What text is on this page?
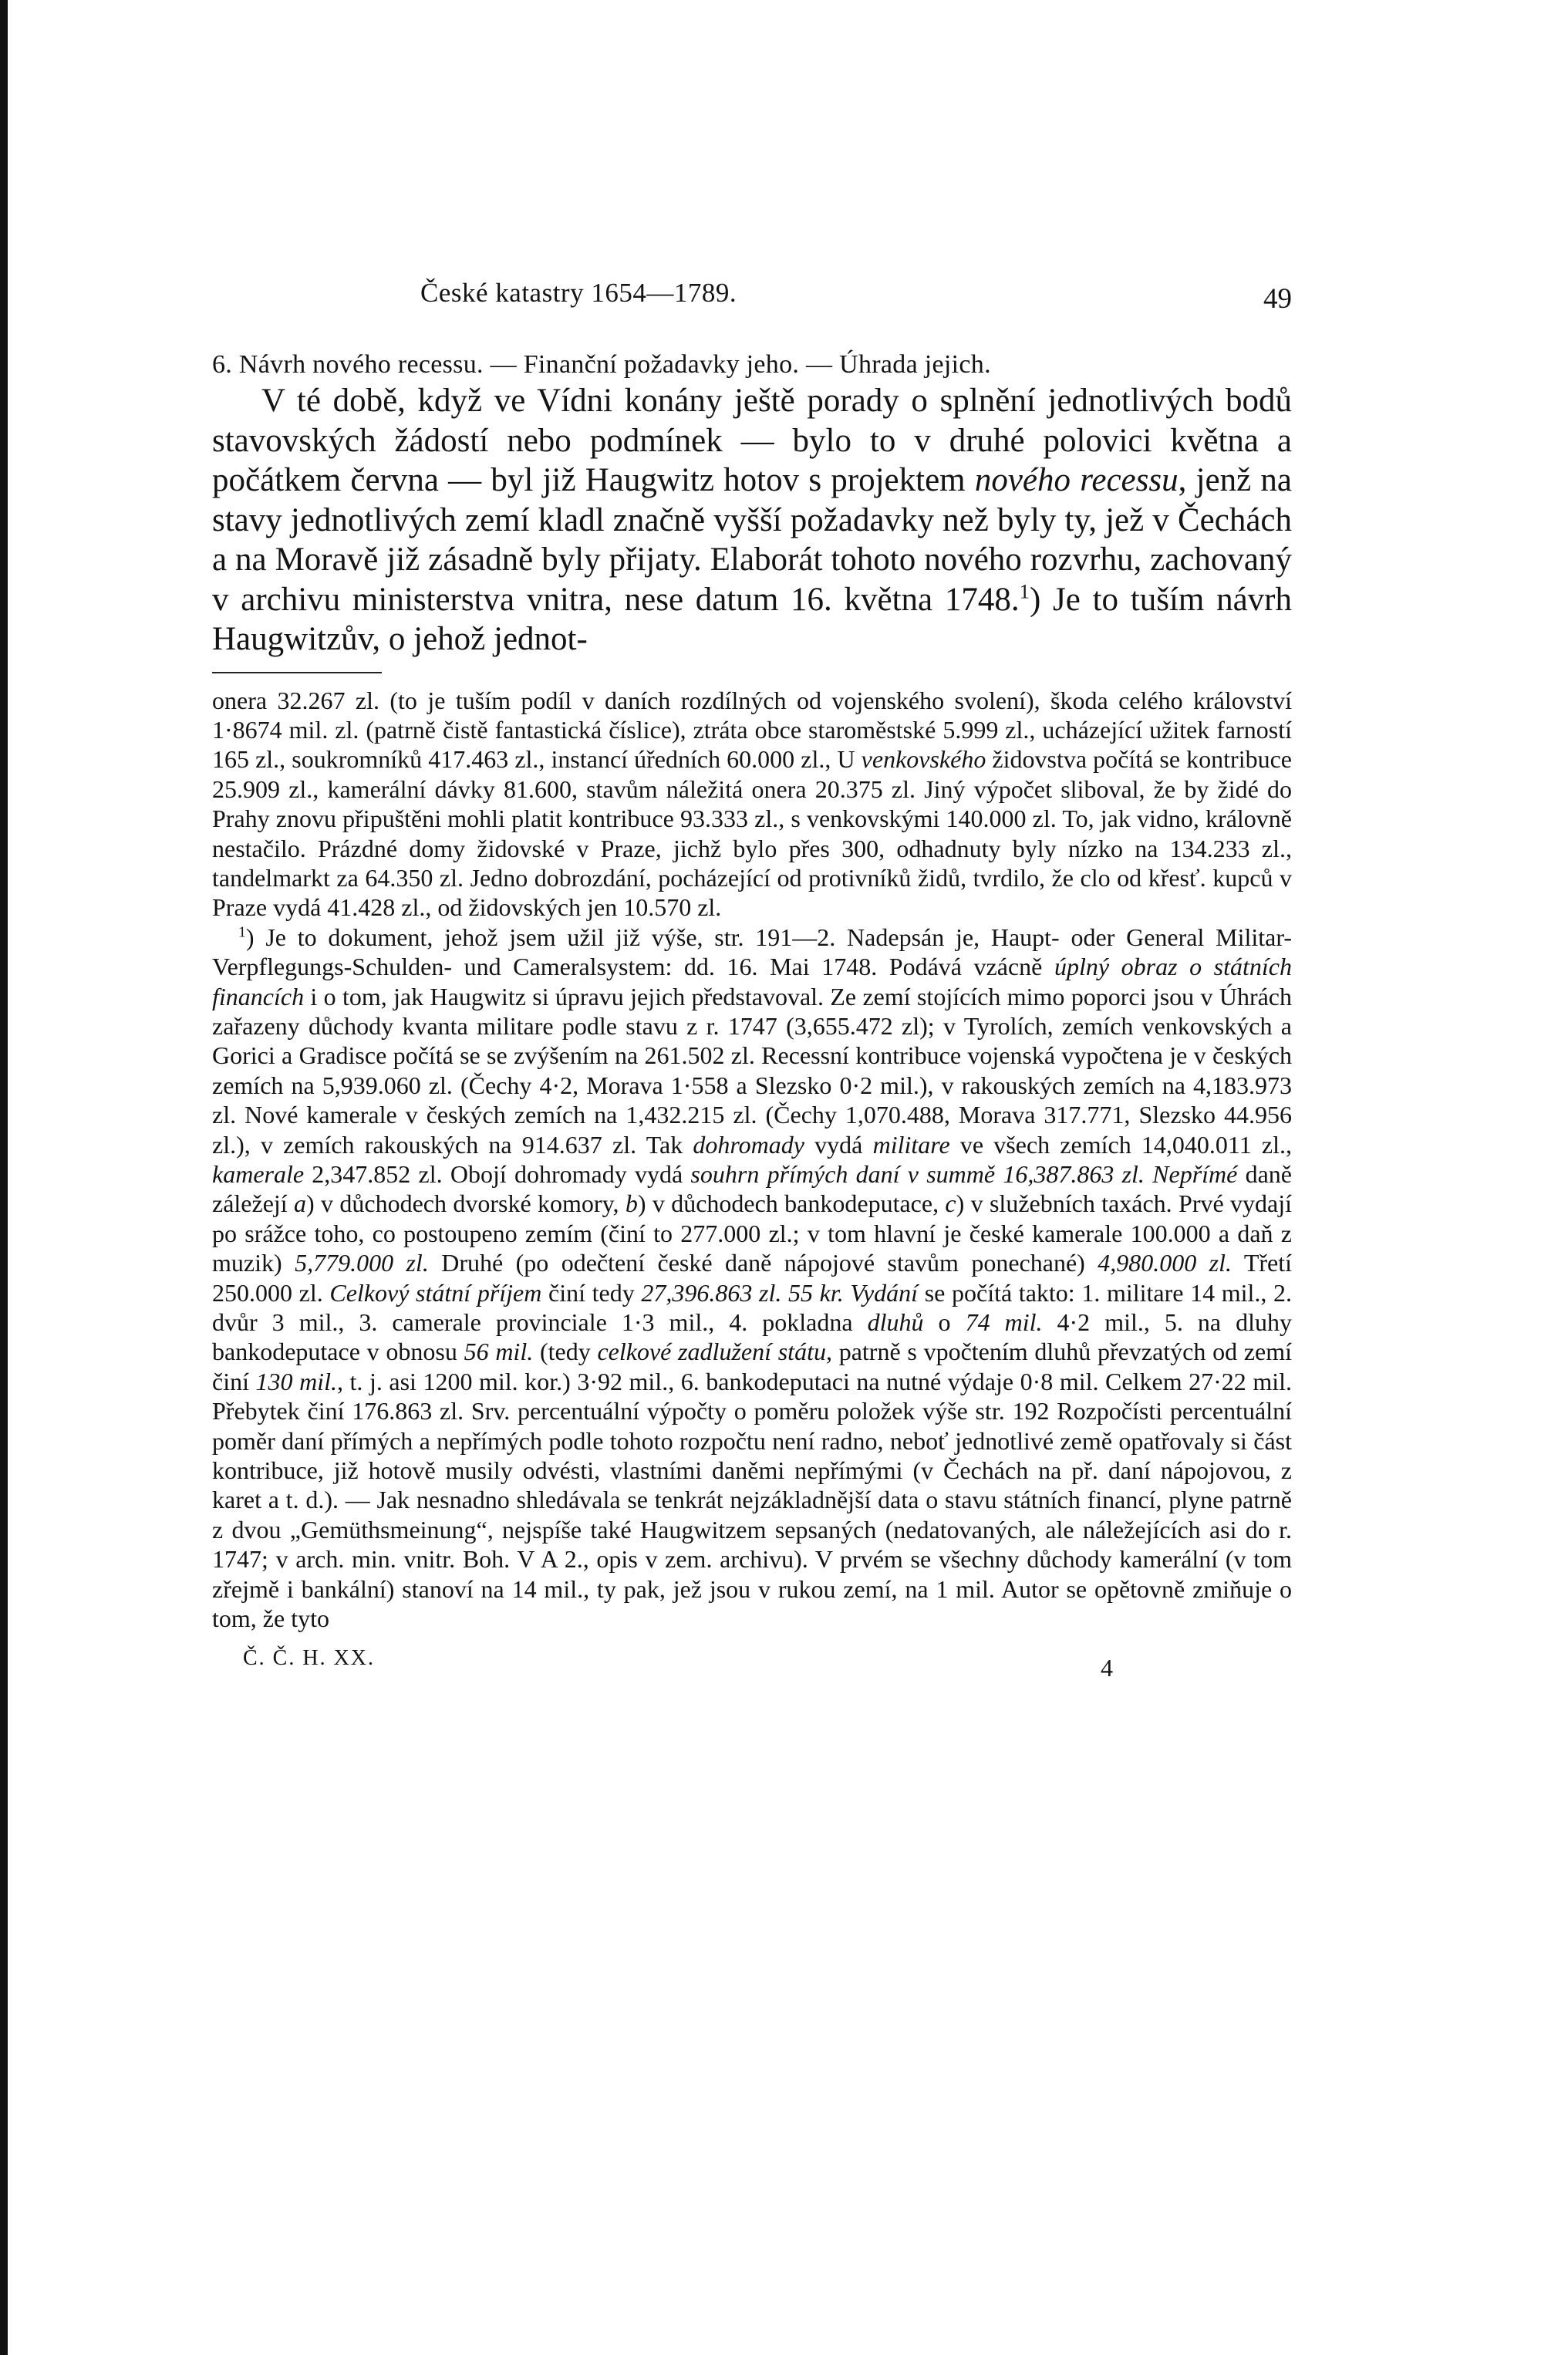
České katastry 1654—1789.	49
6. Návrh nového recessu. — Finanční požadavky jeho. — Úhrada jejich.

V té době, když ve Vídni konány ještě porady o splnění jednotlivých bodů stavovských žádostí nebo podmínek — bylo to v druhé polovici května a počátkem června — byl již Haugwitz hotov s projektem nového recessu, jenž na stavy jednotlivých zemí kladl značně vyšší požadavky než byly ty, jež v Čechách a na Moravě již zásadně byly přijaty. Elaborát tohoto nového rozvrhu, zachovaný v archivu ministerstva vnitra, nese datum 16. května 1748.$^1$) Je to tuším návrh Haugwitzův, o jehož jednot-

onera 32.267 zl. (to je tuším podíl v daních rozdílných od vojenského svolení), škoda celého království 1·8674 mil. zl. (patrně čistě fantastická číslice), ztráta obce staroměstské 5.999 zl., ucházející užitek farností 165 zl., soukromníků 417.463 zl., instancí úředních 60.000 zl., U venkovského židovstva počítá se kontribuce 25.909 zl., kamerální dávky 81.600, stavům náležitá onera 20.375 zl. Jiný výpočet sliboval, že by židé do Prahy znovu připuštěni mohli platit kontribuce 93.333 zl., s venkovskými 140.000 zl. To, jak vidno, královně nestačilo. Prázdné domy židovské v Praze, jichž bylo přes 300, odhadnuty byly nízko na 134.233 zl., tandelmarkt za 64.350 zl. Jedno dobrozdání, pocházející od protivníků židů, tvrdilo, že clo od křesť. kupců v Praze vydá 41.428 zl., od židovských jen 10.570 zl.

$^1$) Je to dokument, jehož jsem užil již výše, str. 191—2. Nadepsán je, Haupt- oder General Militar-Verpflegungs-Schulden- und Cameralsystem: dd. 16. Mai 1748. Podává vzácně úplný obraz o státních financích i o tom, jak Haugwitz si úpravu jejich představoval. Ze zemí stojících mimo poporci jsou v Úhrách zařazeny důchody kvanta militare podle stavu z r. 1747 (3,655.472 zl); v Tyrolích, zemích venkovských a Gorici a Gradisce počítá se se zvýšením na 261.502 zl. Recessní kontribuce vojenská vypočtena je v českých zemích na 5,939.060 zl. (Čechy 4·2, Morava 1·558 a Slezsko 0·2 mil.), v rakouských zemích na 4,183.973 zl. Nové kamerale v českých zemích na 1,432.215 zl. (Čechy 1,070.488, Morava 317.771, Slezsko 44.956 zl.), v zemích rakouských na 914.637 zl. Tak dohromady vydá militare ve všech zemích 14,040.011 zl., kamerale 2,347.852 zl. Obojí dohromady vydá souhrn přímých daní v summě 16,387.863 zl. Nepřímé daně záležejí a) v důchodech dvorské komory, b) v důchodech bankodeputace, c) v služebních taxách. Prvé vydají po srážce toho, co postoupeno zemím (činí to 277.000 zl.; v tom hlavní je české kamerale 100.000 a daň z muzik) 5,779.000 zl. Druhé (po odečtení české daně nápojové stavům ponechané) 4,980.000 zl. Třetí 250.000 zl. Celkový státní příjem činí tedy 27,396.863 zl. 55 kr. Vydání se počítá takto: 1. militare 14 mil., 2. dvůr 3 mil., 3. camerale provinciale 1·3 mil., 4. pokladna dluhů o 74 mil. 4·2 mil., 5. na dluhy bankodeputace v obnosu 56 mil. (tedy celkové zadlužení státu, patrně s vpočtením dluhů převzatých od zemí činí 130 mil., t. j. asi 1200 mil. kor.) 3·92 mil., 6. bankodeputaci na nutné výdaje 0·8 mil. Celkem 27·22 mil. Přebytek činí 176.863 zl. Srv. percentuální výpočty o poměru položek výše str. 192 Rozpočísti percentuální poměr daní přímých a nepřímých podle tohoto rozpočtu není radno, neboť jednotlivé země opatřovaly si část kontribuce, již hotově musily odvésti, vlastními daněmi nepřímými (v Čechách na př. daní nápojovou, z karet a t. d.). — Jak nesnadno shledávala se tenkrát nejzákladnější data o stavu státních financí, plyne patrně z dvou „Gemüthsmeinung“, nejspíše také Haugwitzem sepsaných (nedatovaných, ale náležejících asi do r. 1747; v arch. min. vnitr. Boh. V A 2., opis v zem. archivu). V prvém se všechny důchody kamerální (v tom zřejmě i bankální) stanoví na 14 mil., ty pak, jež jsou v rukou zemí, na 1 mil. Autor se opětovně zmiňuje o tom, že tyto

Č. Č. H. XX.	4
